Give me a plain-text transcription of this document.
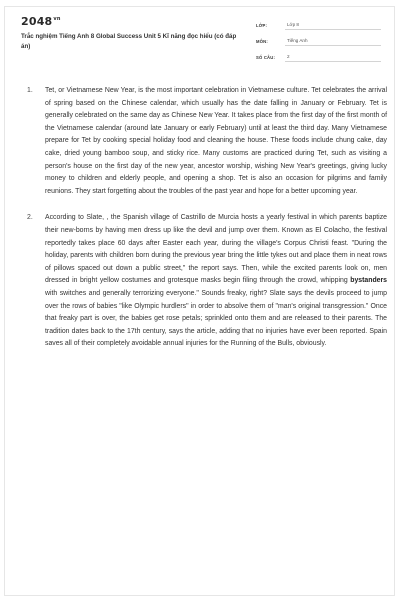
$2048^{vn}$
Trắc nghiệm Tiếng Anh 8 Global Success Unit 5 Kĩ năng đọc hiểu (có đáp án)
LỚP:	Lớp 8
MÔN:	Tiếng Anh
SỐ CÂU:	2
1. Tet, or Vietnamese New Year, is the most important celebration in Vietnamese culture. Tet celebrates the arrival of spring based on the Chinese calendar, which usually has the date falling in January or February. Tet is generally celebrated on the same day as Chinese New Year. It takes place from the first day of the first month of the Vietnamese calendar (around late January or early February) until at least the third day. Many Vietnamese prepare for Tet by cooking special holiday food and cleaning the house. These foods include chung cake, day cake, dried young bamboo soup, and sticky rice. Many customs are practiced during Tet, such as visiting a person's house on the first day of the new year, ancestor worship, wishing New Year's greetings, giving lucky money to children and elderly people, and opening a shop. Tet is also an occasion for pilgrims and family reunions. They start forgetting about the troubles of the past year and hope for a better upcoming year.
2. According to Slate, , the Spanish village of Castrillo de Murcia hosts a yearly festival in which parents baptize their new-borns by having men dress up like the devil and jump over them. Known as El Colacho, the festival reportedly takes place 60 days after Easter each year, during the village's Corpus Christi feast. "During the holiday, parents with children born during the previous year bring the little tykes out and place them in neat rows of pillows spaced out down a public street," the report says. Then, while the excited parents look on, men dressed in bright yellow costumes and grotesque masks begin filing through the crowd, whipping bystanders with switches and generally terrorizing everyone." Sounds freaky, right? Slate says the devils proceed to jump over the rows of babies "like Olympic hurdlers" in order to absolve them of "man's original transgression." Once that freaky part is over, the babies get rose petals; sprinkled onto them and are released to their parents. The tradition dates back to the 17th century, says the article, adding that no injuries have ever been reported. Spain saves all of their completely avoidable annual injuries for the Running of the Bulls, obviously.
